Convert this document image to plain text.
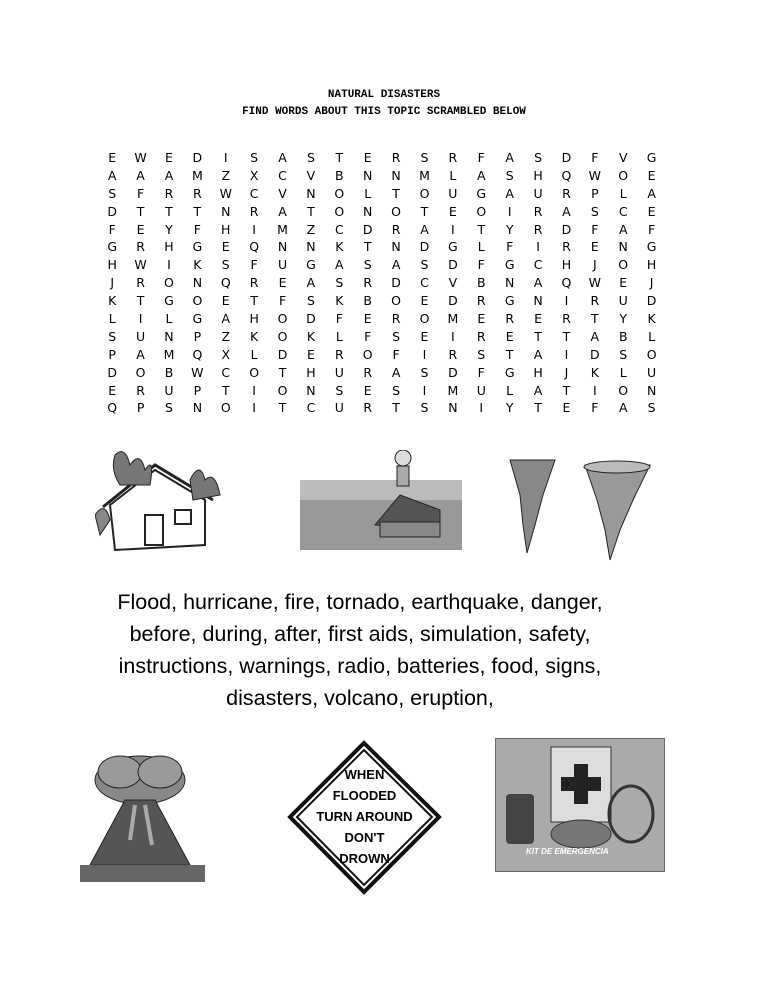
NATURAL DISASTERS
FIND WORDS ABOUT THIS TOPIC SCRAMBLED BELOW
E	W	E	D	I	S	A	S	T	E	R	S	R	F	A	S	D	F	V	G
A	A	A	M	Z	X	C	V	B	N	N	M	L	A	S	H	Q	W	O	E
S	F	R	R	W	C	V	N	O	L	T	O	U	G	A	U	R	P	L	A
D	T	T	T	N	R	A	T	O	N	O	T	E	O	I	R	A	S	C	E
F	E	Y	F	H	I	M	Z	C	D	R	A	I	T	Y	R	D	F	A	F
G	R	H	G	E	Q	N	N	K	T	N	D	G	L	F	I	R	E	N	G
H	W	I	K	S	F	U	G	A	S	A	S	D	F	G	C	H	J	O	H
J	R	O	N	Q	R	E	A	S	R	D	C	V	B	N	A	Q	W	E	J
K	T	G	O	E	T	F	S	K	B	O	E	D	R	G	N	I	R	U	D
L	I	L	G	A	H	O	D	F	E	R	O	M	E	R	E	R	T	Y	K
S	U	N	P	Z	K	O	K	L	F	S	E	I	R	E	T	T	A	B	L
P	A	M	Q	X	L	D	E	R	O	F	I	R	S	T	A	I	D	S	O
D	O	B	W	C	O	T	H	U	R	A	S	D	F	G	H	J	K	L	U
E	R	U	P	T	I	O	N	S	E	S	I	M	U	L	A	T	I	O	N
Q	P	S	N	O	I	T	C	U	R	T	S	N	I	Y	T	E	F	A	S
Flood, hurricane, fire, tornado, earthquake, danger,
before, during, after, first aids, simulation, safety,
instructions, warnings, radio, batteries, food, signs,
disasters, volcano, eruption,
WHEN
FLOODED
TURN AROUND
DON'T
DROWN	KIT DE EMERGENCIA
